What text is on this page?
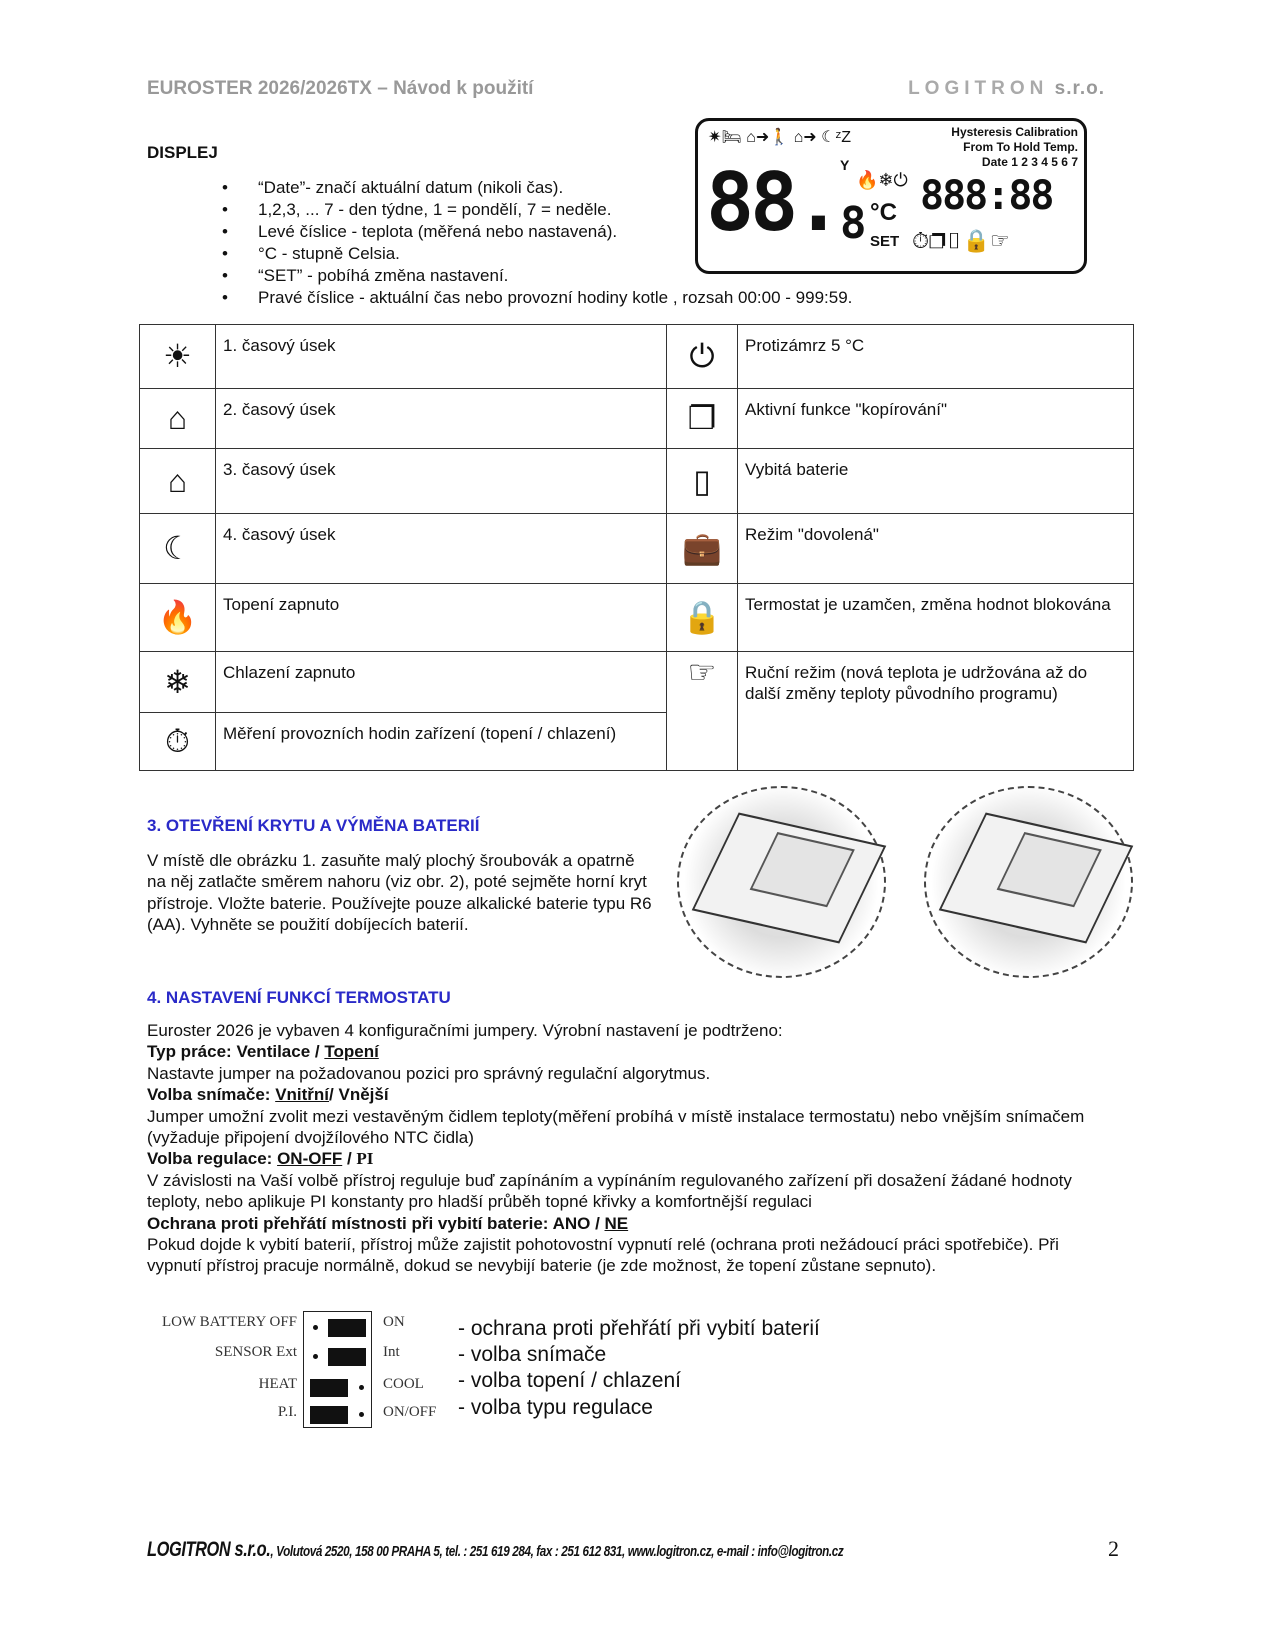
EUROSTER 2026/2026TX – Návod k použití	LOGITRON s.r.o.
DISPLEJ
• “Date”- značí aktuální datum (nikoli čas).
• 1,2,3, ... 7 - den týdne, 1 = pondělí, 7 = neděle.
• Levé číslice - teplota (měřená nebo nastavená).
• °C - stupně Celsia.
• “SET” - pobíhá změna nastavení.
• Pravé číslice - aktuální čas nebo provozní hodiny kotle , rozsah 00:00 - 999:59.
✷🛏 ⌂➜🚶 ⌂➜ ☾ᶻZ	Hysteresis Calibration
From To Hold Temp.
Date 1 2 3 4 5 6 7
88. Y
🔥❄⏻
8 °C
SET
888:88
⏱❐▯🔒☞
☀	1. časový úsek	⏻	Protizámrz 5 °C
⌂	2. časový úsek	❐	Aktivní funkce "kopírování"
⌂	3. časový úsek	▯	Vybitá baterie
☾	4. časový úsek	💼	Režim "dovolená"
🔥	Topení zapnuto	🔒	Termostat je uzamčen, změna hodnot blokována
❄	Chlazení zapnuto	☞	Ruční režim (nová teplota je udržována až do další změny teploty původního programu)
⏱	Měření provozních hodin zařízení (topení / chlazení)		
3. OTEVŘENÍ KRYTU A VÝMĚNA BATERIÍ
V místě dle obrázku 1. zasuňte malý plochý šroubovák a opatrně na něj zatlačte směrem nahoru (viz obr. 2), poté sejměte horní kryt přístroje. Vložte baterie. Používejte pouze alkalické baterie typu R6 (AA). Vyhněte se použití dobíjecích baterií.
4. NASTAVENÍ FUNKCÍ TERMOSTATU
Euroster 2026 je vybaven 4 konfiguračními jumpery. Výrobní nastavení je podtrženo:
Typ práce: Ventilace / Topení
Nastavte jumper na požadovanou pozici pro správný regulační algorytmus.
Volba snímače: Vnitřní/ Vnější
Jumper umožní zvolit mezi vestavěným čidlem teploty(měření probíhá v místě instalace termostatu) nebo vnějším snímačem (vyžaduje připojení dvojžílového NTC čidla)
Volba regulace: ON-OFF / PI
V závislosti na Vaší volbě přístroj reguluje buď zapínáním a vypínáním regulovaného zařízení při dosažení žádané hodnoty teploty, nebo aplikuje PI konstanty pro hladší průběh topné křivky a komfortnější regulaci
Ochrana proti přehřátí místnosti při vybití baterie: ANO / NE
Pokud dojde k vybití baterií, přístroj může zajistit pohotovostní vypnutí relé (ochrana proti nežádoucí práci spotřebiče). Při vypnutí přístroj pracuje normálně, dokud se nevybijí baterie (je zde možnost, že topení zůstane sepnuto).
LOW BATTERY OFF
SENSOR Ext
HEAT
P.I.
ON
Int
COOL
ON/OFF
- ochrana proti přehřátí při vybití baterií
- volba snímače
- volba topení / chlazení
- volba typu regulace
LOGITRON s.r.o., Volutová 2520, 158 00 PRAHA 5, tel. : 251 619 284, fax : 251 612 831, www.logitron.cz, e-mail : info@logitron.cz	2
